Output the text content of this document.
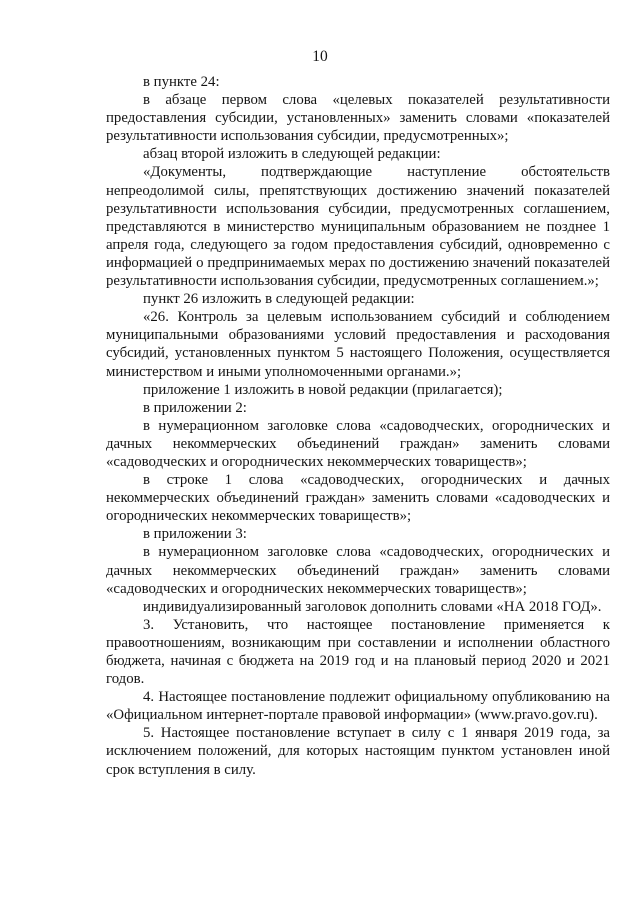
10

в пункте 24:

в абзаце первом слова «целевых показателей результативности предоставления субсидии, установленных» заменить словами «показателей результативности использования субсидии, предусмотренных»;

абзац второй изложить в следующей редакции:

«Документы, подтверждающие наступление обстоятельств непреодолимой силы, препятствующих достижению значений показателей результативности использования субсидии, предусмотренных соглашением, представляются в министерство муниципальным образованием не позднее 1 апреля года, следующего за годом предоставления субсидий, одновременно с информацией о предпринимаемых мерах по достижению значений показателей результативности использования субсидии, предусмотренных соглашением.»;

пункт 26 изложить в следующей редакции:

«26. Контроль за целевым использованием субсидий и соблюдением муниципальными образованиями условий предоставления и расходования субсидий, установленных пунктом 5 настоящего Положения, осуществляется министерством и иными уполномоченными органами.»;

приложение 1 изложить в новой редакции (прилагается);

в приложении 2:

в нумерационном заголовке слова «садоводческих, огороднических и дачных некоммерческих объединений граждан» заменить словами «садоводческих и огороднических некоммерческих товариществ»;

в строке 1 слова «садоводческих, огороднических и дачных некоммерческих объединений граждан» заменить словами «садоводческих и огороднических некоммерческих товариществ»;

в приложении 3:

в нумерационном заголовке слова «садоводческих, огороднических и дачных некоммерческих объединений граждан» заменить словами «садоводческих и огороднических некоммерческих товариществ»;

индивидуализированный заголовок дополнить словами «НА 2018 ГОД».

3. Установить, что настоящее постановление применяется к правоотношениям, возникающим при составлении и исполнении областного бюджета, начиная с бюджета на 2019 год и на плановый период 2020 и 2021 годов.

4. Настоящее постановление подлежит официальному опубликованию на «Официальном интернет-портале правовой информации» (www.pravo.gov.ru).

5. Настоящее постановление вступает в силу с 1 января 2019 года, за исключением положений, для которых настоящим пунктом установлен иной срок вступления в силу.
